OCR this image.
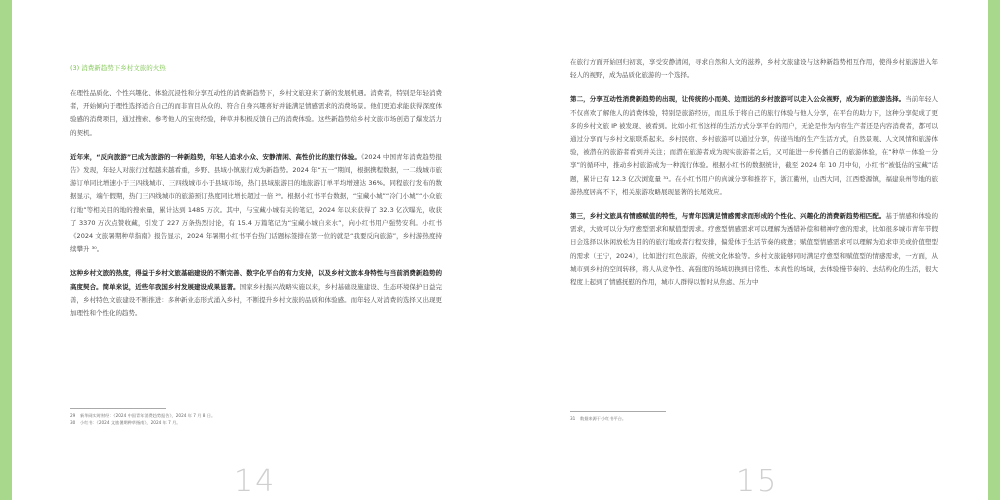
(3) 消费新趋势下乡村文旅的火热

在理性品质化、个性兴趣化、体验沉浸性和分享互动性的消费新趋势下，乡村文旅迎来了新的发展机遇。消费者，特别是年轻消费者，开始倾向于理性选择适合自己的而非盲目从众的、符合自身兴趣喜好并能满足情感需求的消费场景。他们更追求能获得深度体验感的消费项目，通过搜索、参考他人的宝贵经验，种草并积极反馈自己的消费体验。这些新趋势给乡村文旅市场创造了爆发活力的契机。

近年来，“反向旅游”已成为旅游的一种新趋势，年轻人追求小众、安静清闲、高性价比的旅行体验。《2024 中国青年消费趋势报告》发现，年轻人对旅行过程越来越看重，乡野、县域小镇旅行成为新趋势。2024 年“五一”期间，根据携程数据，一二线城市旅游订单同比增速小于三四线城市、三四线城市小于县域市场，热门县域旅游目的地旅游订单平均增速达 36%。同程旅行发布的数据显示，端午假期，热门三四线城市的旅游预订热度同比增长超过一倍 ²⁹。根据小红书平台数据，“宝藏小城”“冷门小城”“小众旅行地”等相关目的地的搜索量，累计达到 1485 万次。其中，与宝藏小城有关的笔记，2024 年以来获得了 32.3 亿次曝光，收获了 3370 万次点赞收藏，引发了 227 万条热烈讨论，有 15.4 万篇笔记为“宝藏小城自来水”，向小红书用户强势安利。小红书《2024 文旅暑期种草指南》报告显示，2024 年暑期小红书平台热门话题标签排在第一位的就是“我要反向旅游”，乡村游热度持续攀升 ³⁰。

这种乡村文旅的热度，得益于乡村文旅基础建设的不断完善、数字化平台的有力支持，以及乡村文旅本身特性与当前消费新趋势的高度契合。简单来说，近些年我国乡村发展建设成果显著。国家乡村振兴战略实施以来，乡村基础设施建设、生态环境保护日益完善，乡村特色文旅建设不断推进：多种新业态形式涌入乡村，不断提升乡村文旅的品质和体验感。而年轻人对消费的选择又出现更加理性和个性化的趋势。

29 新华网实时财经：《2024 中国青年消费趋势报告》，2024 年 7 月 8 日。
30 小红书：《2024 文旅暑期种草指南》，2024 年 7 月。
14

在旅行方面开始回归初衷，享受安静清闲，寻求自然和人文的滋养，乡村文旅建设与这种新趋势相互作用，使得乡村旅游进入年轻人的视野，成为品质化旅游的一个选择。

第二，分享互动性消费新趋势的出现，让传统的小而美、边而远的乡村旅游可以走入公众视野，成为新的旅游选择。当前年轻人不仅喜欢了解他人的消费体验，特别是旅游经历，而且乐于将自己的旅行体验与他人分享，在平台的助力下，这种分享促成了更多的乡村文旅 IP 被发现、被看到。比如小红书这样的生活方式分享平台的用户，无论是作为内容生产者还是内容消费者，都可以通过分享而与乡村文旅联系起来。乡村民宿、乡村旅游可以通过分享，传递当地的生产生活方式，自然景观、人文风情和旅游体验，被潜在的旅游者看到并关注；而潜在旅游者成为现实旅游者之后，又可能进一步传播自己的旅游体验，在“种草－体验－分享”的循环中，推动乡村旅游成为一种流行体验。根据小红书的数据统计，截至 2024 年 10 月中旬，小红书“被低估的宝藏”话题，累计已有 12.3 亿次浏览量 ³¹。在小红书用户的真诚分享和推荐下，浙江衢州，山西大同，江西婺源镇，福建泉州等地的旅游热度居高不下，相关旅游攻略展现显著的长尾效应。

第三，乡村文旅具有情感赋值的特性，与青年因满足情感需求而形成的个性化、兴趣化的消费新趋势相匹配。基于情感和体验的需求，大致可以分为疗愈型需求和赋值型需求。疗愈型情感需求可以理解为透错补偿和精神疗愈的需求，比如很多城市青年节假日会选择以休闲放松为目的的旅行地或者行程安排，偏爱体于生活节奏的疲惫；赋值型情感需求可以理解为追求审美或价值塑型的需求（王宁，2024），比如进行红色旅游，传统文化体验等。乡村文旅能够同时满足疗愈型和赋值型的情感需求，一方面，从城市到乡村的空间转移，将人从竞争性、高强度的场域切换到日常性、本真性的场域，去体验慢节奏的、去结构化的生活，很大程度上起到了情感抚慰的作用，城市人群得以暂时从焦虑、压力中

31 数据来源于小红书平台。
15
